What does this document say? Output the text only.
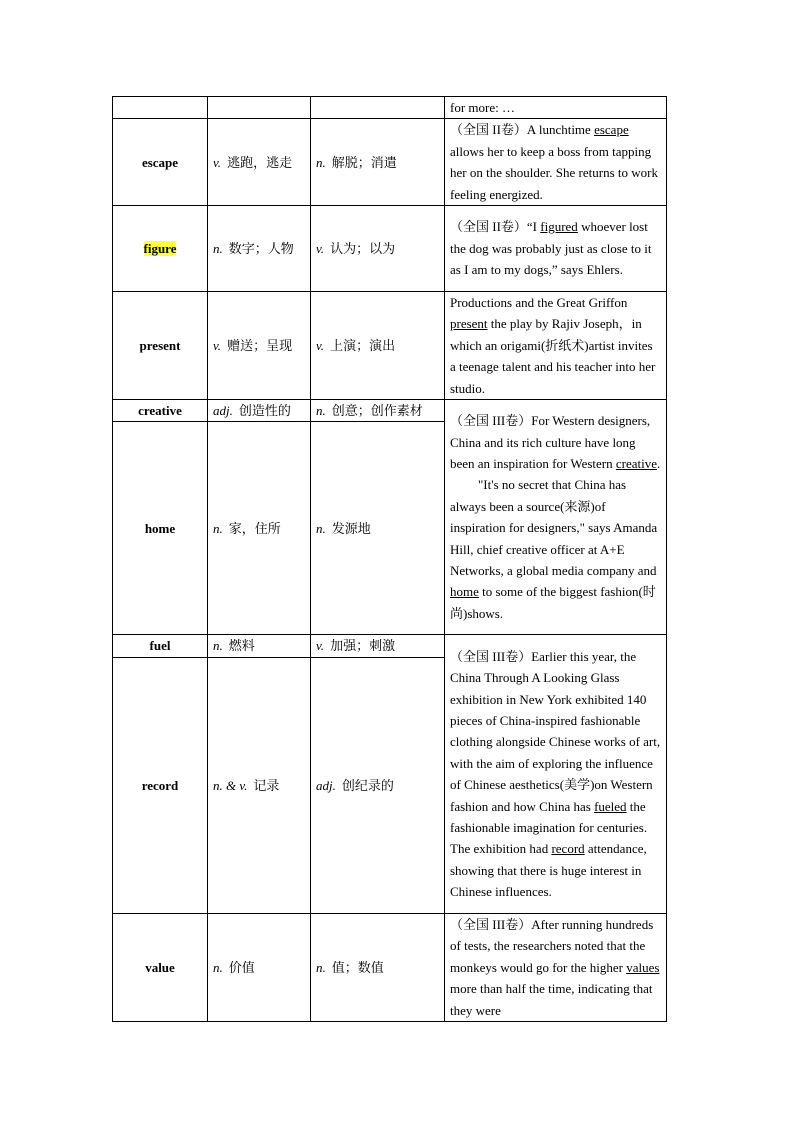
			for more: …
escape	v. 逃跑，逃走	n. 解脱；消遣	（全国 II卷）A lunchtime escape allows her to keep a boss from tapping her on the shoulder. She returns to work feeling energized.
figure	n. 数字；人物	v. 认为；以为	（全国 II卷）“I figured whoever lost the dog was probably just as close to it as I am to my dogs,” says Ehlers.
present	v. 赠送；呈现	v. 上演；演出	Productions and the Great Griffon present the play by Rajiv Joseph，in which an origami(折纸术)artist invites a teenage talent and his teacher into her studio.
creative	adj. 创造性的	n. 创意；创作素材	（全国 III卷）For Western designers, China and its rich culture have long been an inspiration for Western creative.
"It's no secret that China has always been a source(来源)of inspiration for designers," says Amanda Hill, chief creative officer at A+E Networks, a global media company and home to some of the biggest fashion(时尚)shows.

home	n. 家，住所	n. 发源地	
fuel	n. 燃料	v. 加强；刺激	（全国 III卷）Earlier this year, the China Through A Looking Glass exhibition in New York exhibited 140 pieces of China-inspired fashionable clothing alongside Chinese works of art, with the aim of exploring the influence of Chinese aesthetics(美学)on Western fashion and how China has fueled the fashionable imagination for centuries. The exhibition had record attendance, showing that there is huge interest in Chinese influences.
record	n. & v. 记录	adj. 创纪录的	
value	n. 价值	n. 值；数值	（全国 III卷）After running hundreds of tests, the researchers noted that the monkeys would go for the higher values more than half the time, indicating that they were
